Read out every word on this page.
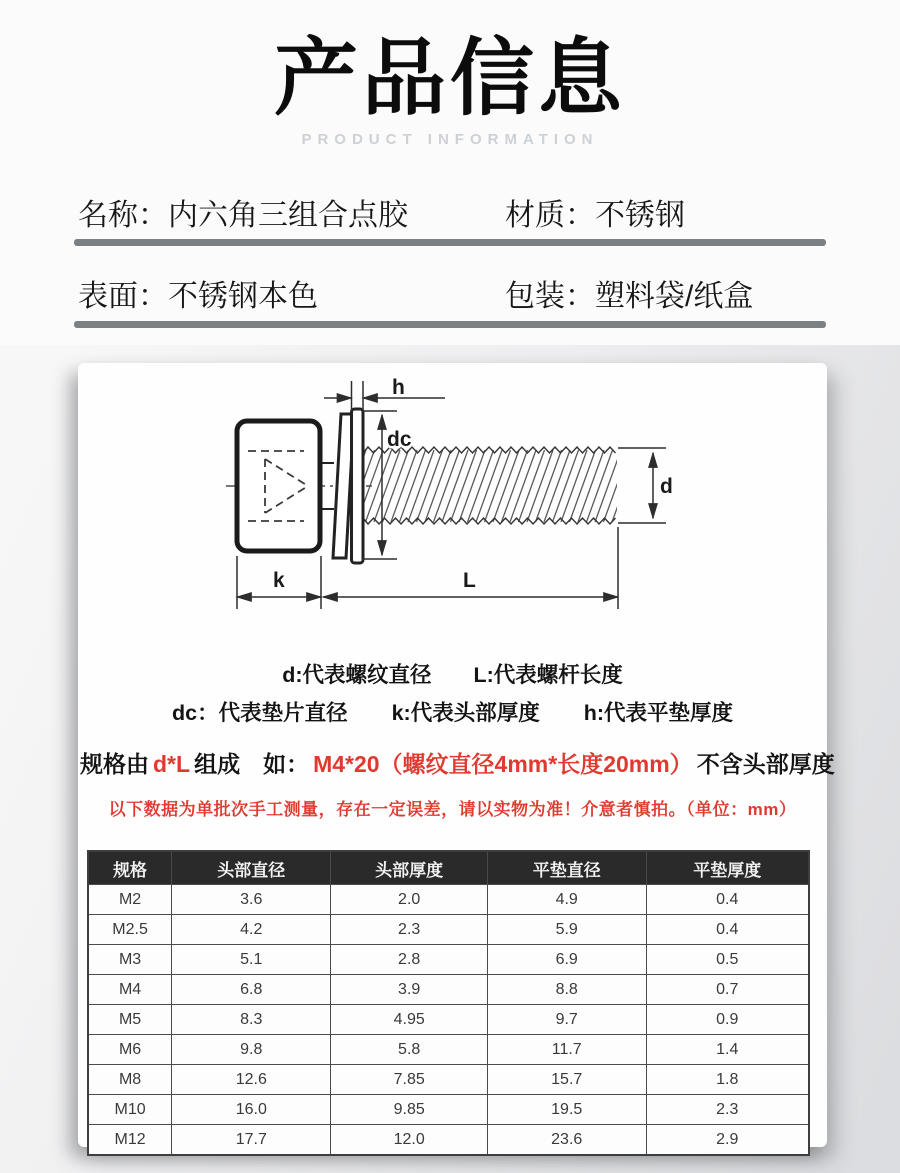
产品信息
PRODUCT INFORMATION
名称：内六角三组合点胶	材质：不锈钢
表面：不锈钢本色	包装：塑料袋/纸盒
h
dc
d
k	L
d:代表螺纹直径 L:代表螺杆长度
dc：代表垫片直径 k:代表头部厚度 h:代表平垫厚度
规格由 d*L 组成　如： M4*20（螺纹直径4mm*长度20mm） 不含头部厚度
以下数据为单批次手工测量，存在一定误差，请以实物为准！介意者慎拍。（单位：mm）
规格	头部直径	头部厚度	平垫直径	平垫厚度
M2	3.6	2.0	4.9	0.4
M2.5	4.2	2.3	5.9	0.4
M3	5.1	2.8	6.9	0.5
M4	6.8	3.9	8.8	0.7
M5	8.3	4.95	9.7	0.9
M6	9.8	5.8	11.7	1.4
M8	12.6	7.85	15.7	1.8
M10	16.0	9.85	19.5	2.3
M12	17.7	12.0	23.6	2.9
